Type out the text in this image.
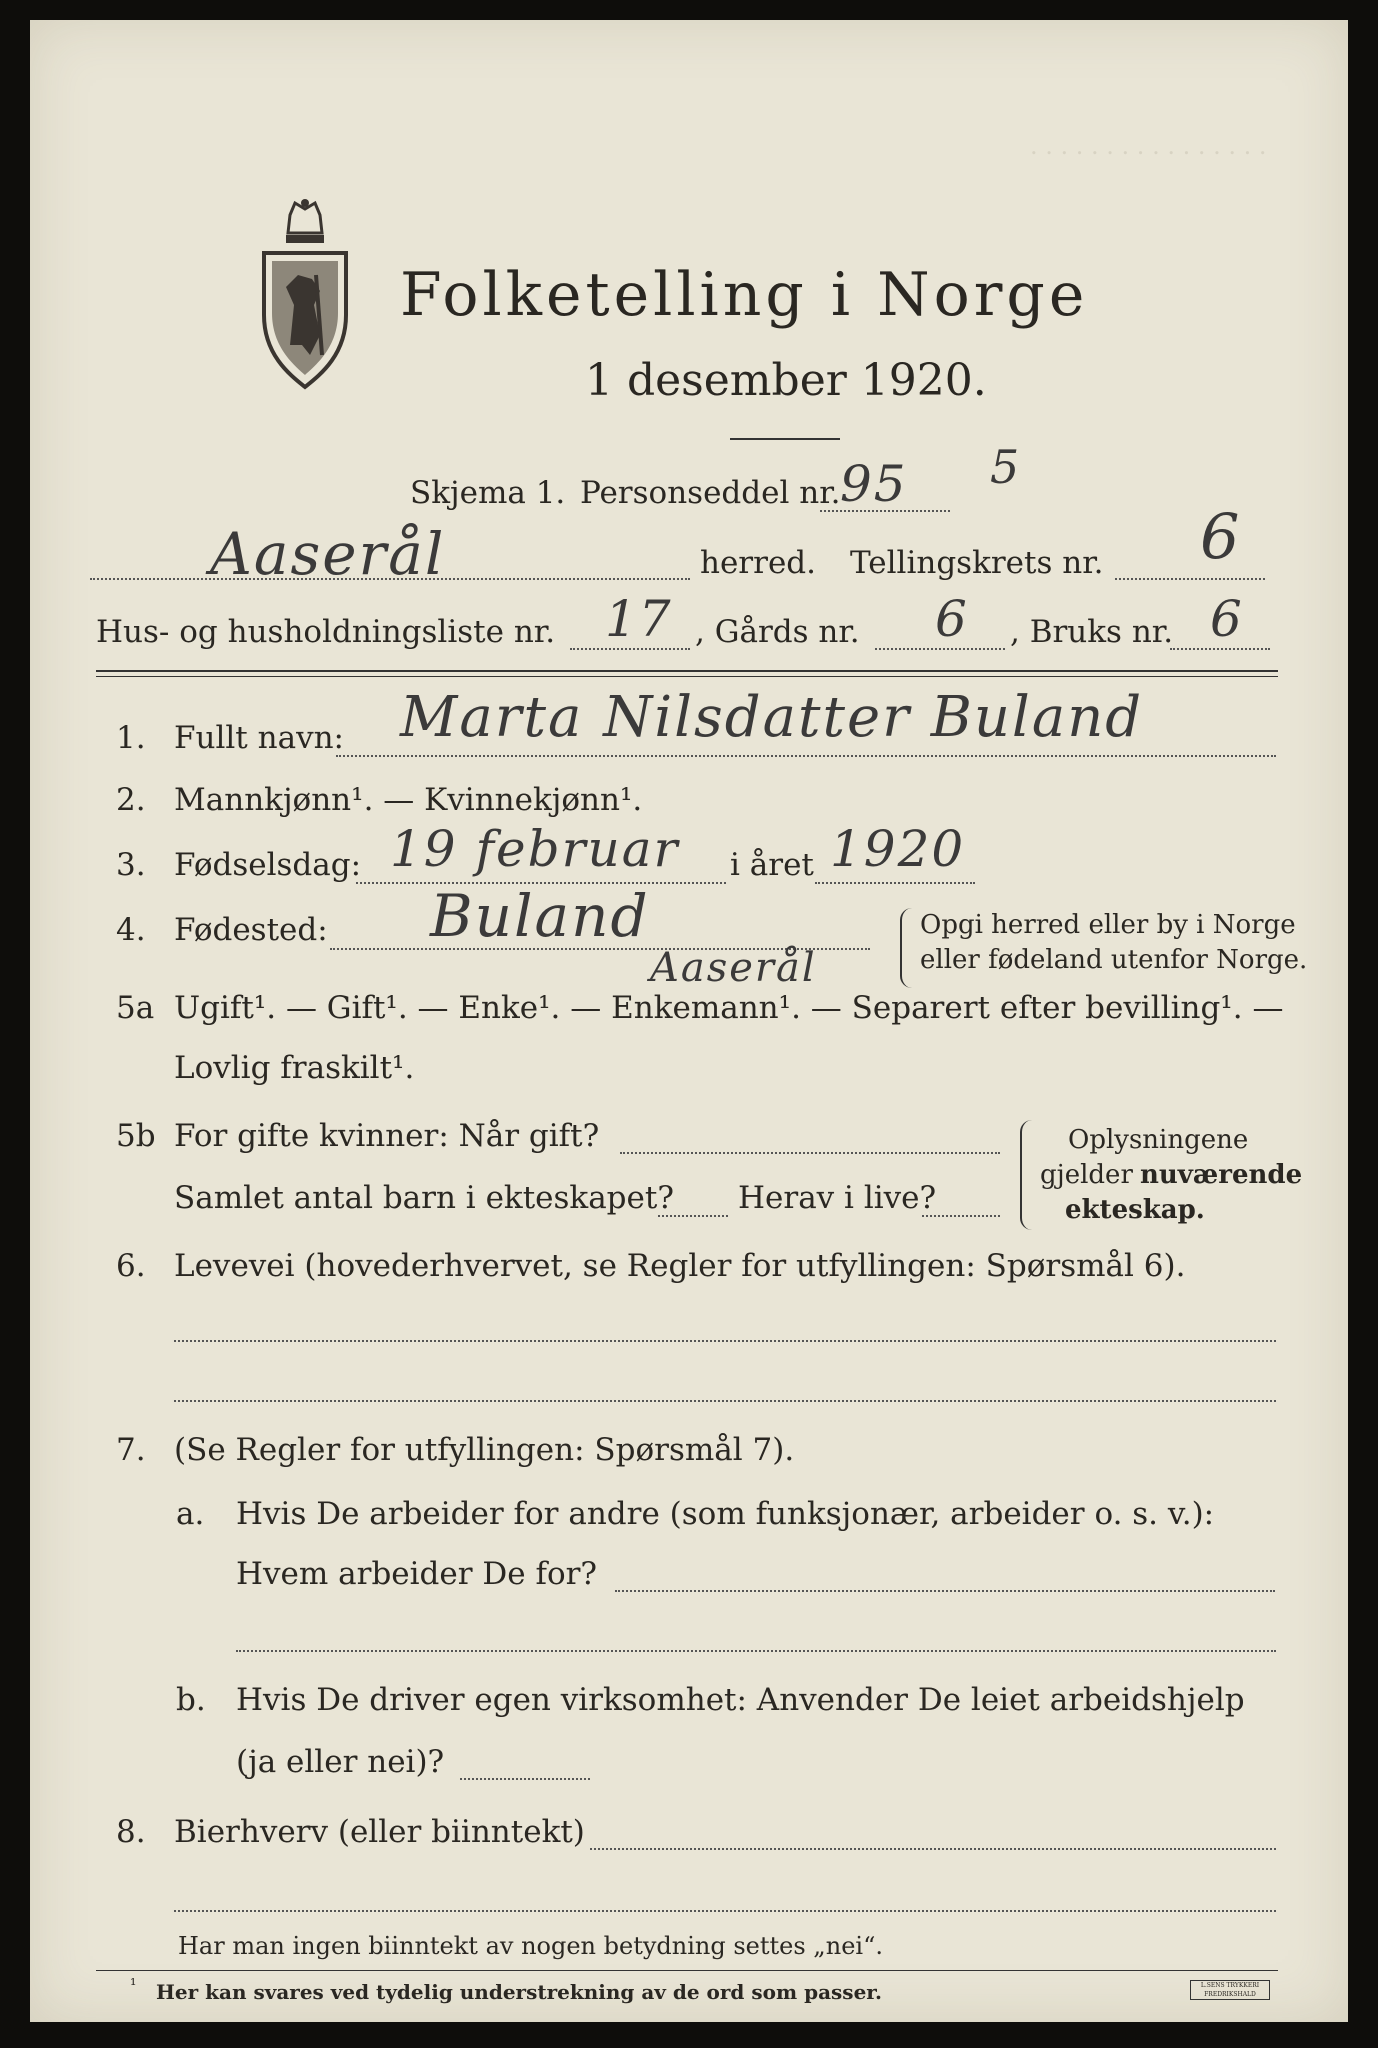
. . . . . . . . . . . . . . . .
Folketelling i Norge
1 desember 1920.
Skjema 1. Personseddel nr. 95 5
Aaserål	herred. Tellingskrets nr. 6
Hus- og husholdningsliste nr. 17 , Gårds nr. 6 , Bruks nr. 6
1. Fullt navn: Marta Nilsdatter Buland
2. Mannkjønn¹. — Kvinnekjønn¹.
3. Fødselsdag: 19 februar i året 1920
4. Fødested: Buland
Aaserål
Opgi herred eller by i Norge
eller fødeland utenfor Norge.
5a Ugift¹. — Gift¹. — Enke¹. — Enkemann¹. — Separert efter bevilling¹. —
Lovlig fraskilt¹.
5b For gifte kvinner: Når gift?
Samlet antal barn i ekteskapet? Herav i live?
Oplysningene
gjelder nuværende
ekteskap.
6. Levevei (hovederhvervet, se Regler for utfyllingen: Spørsmål 6).
7. (Se Regler for utfyllingen: Spørsmål 7).
a. Hvis De arbeider for andre (som funksjonær, arbeider o. s. v.):
Hvem arbeider De for?
b. Hvis De driver egen virksomhet: Anvender De leiet arbeidshjelp
(ja eller nei)?
8. Bierhverv (eller biinntekt)
Har man ingen biinntekt av nogen betydning settes „nei“.
¹ Her kan svares ved tydelig understrekning av de ord som passer.	L.SENS TRYKKERI FREDRIKSHALD
